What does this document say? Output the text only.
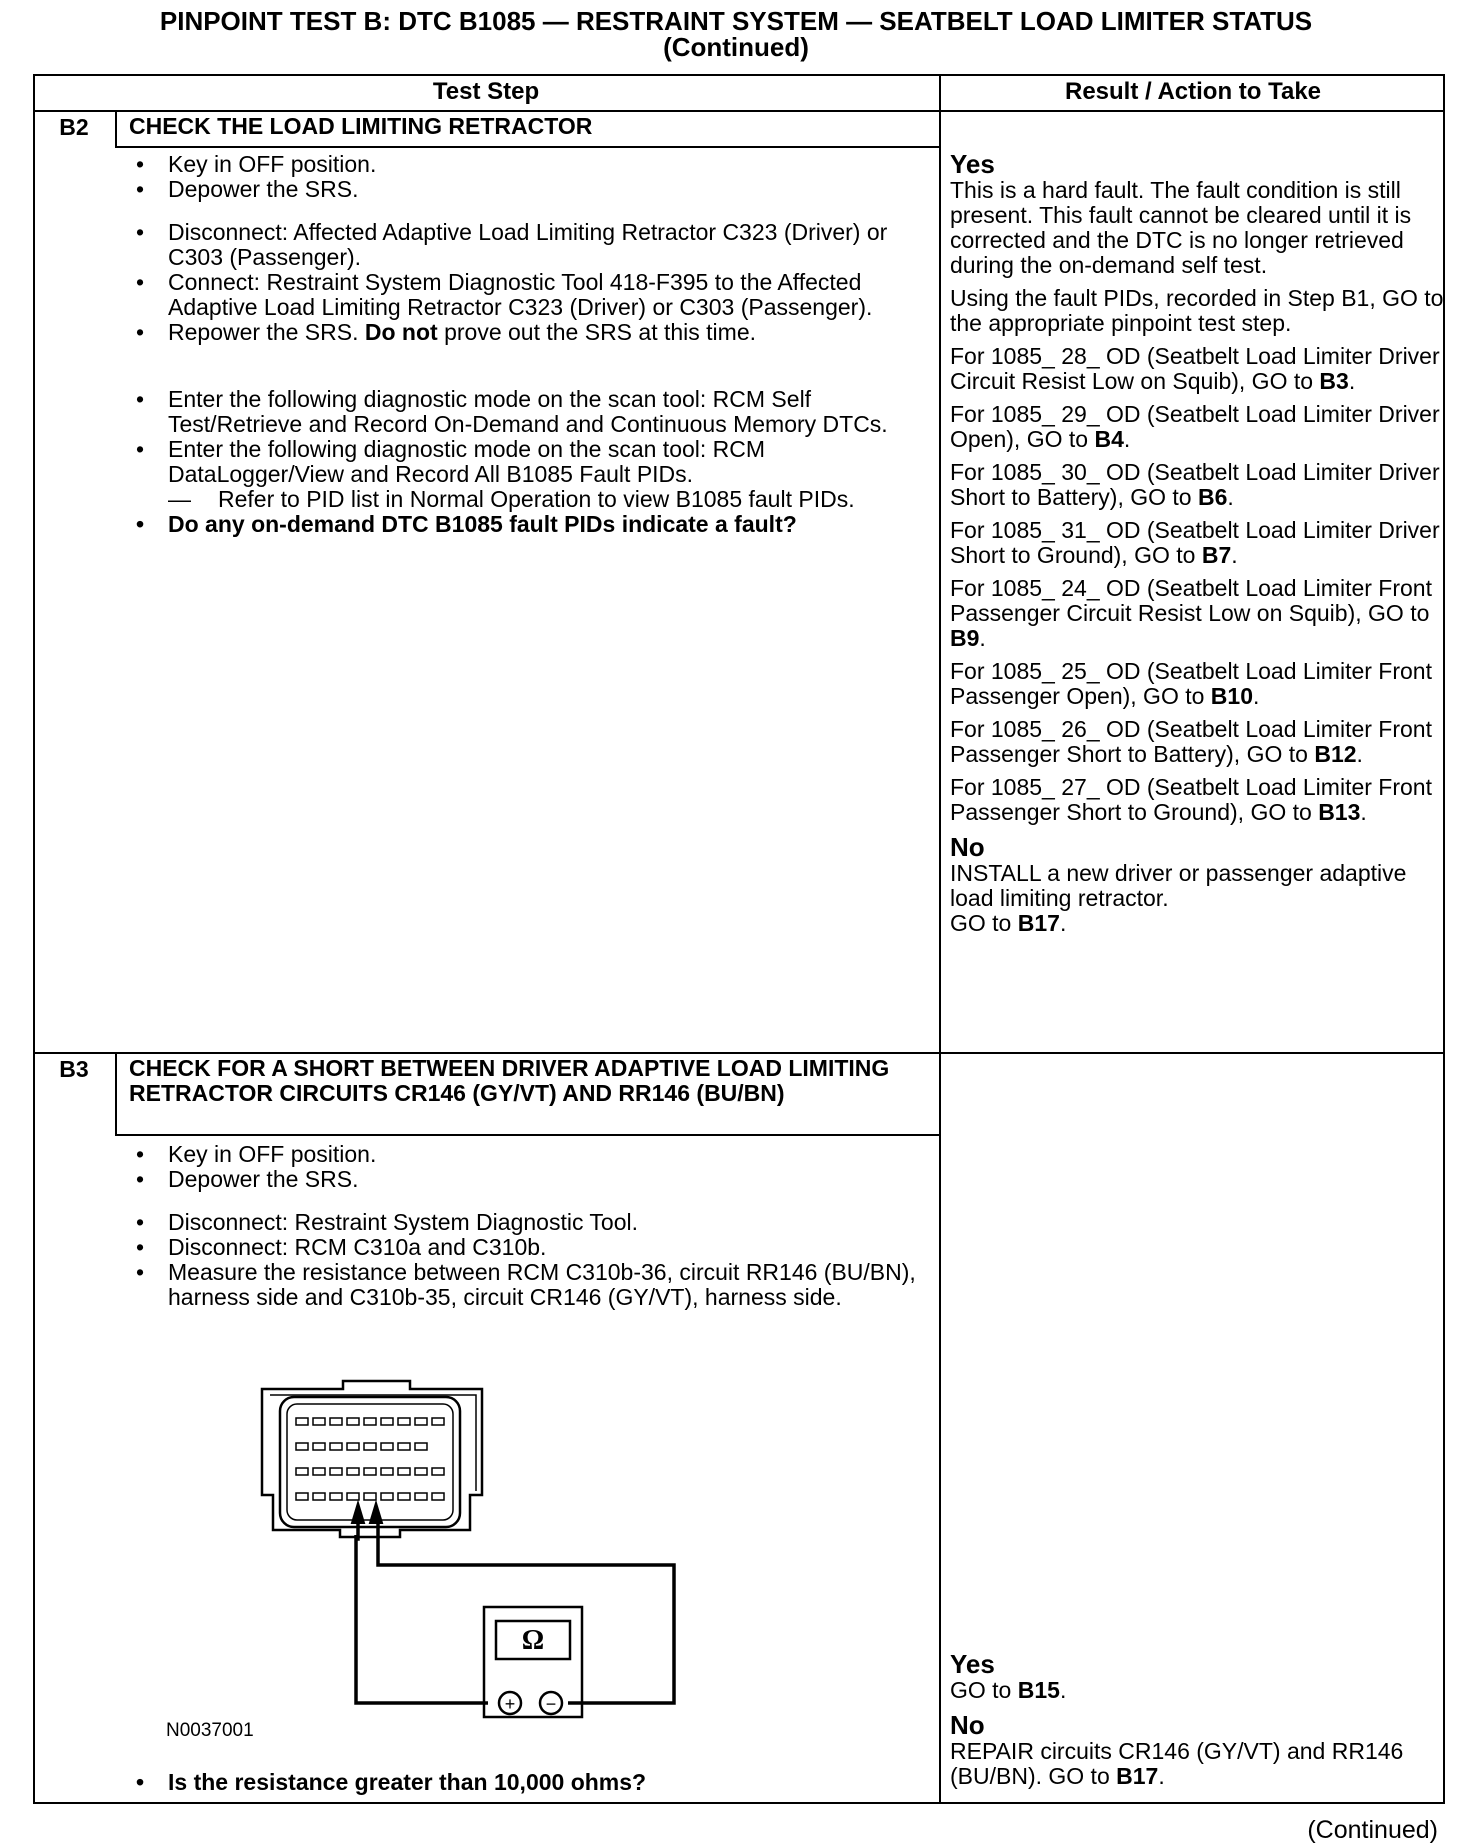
PINPOINT TEST B: DTC B1085 — RESTRAINT SYSTEM — SEATBELT LOAD LIMITER STATUS
(Continued)
Test Step	Result / Action to Take
B2	CHECK THE LOAD LIMITING RETRACTOR
• Key in OFF position.
• Depower the SRS.
• Disconnect: Affected Adaptive Load Limiting Retractor C323 (Driver) or C303 (Passenger).
• Connect: Restraint System Diagnostic Tool 418-F395 to the Affected Adaptive Load Limiting Retractor C323 (Driver) or C303 (Passenger).
• Repower the SRS. Do not prove out the SRS at this time.
• Enter the following diagnostic mode on the scan tool: RCM Self Test/Retrieve and Record On-Demand and Continuous Memory DTCs.
• Enter the following diagnostic mode on the scan tool: RCM DataLogger/View and Record All B1085 Fault PIDs.
— Refer to PID list in Normal Operation to view B1085 fault PIDs.
• Do any on-demand DTC B1085 fault PIDs indicate a fault?

Yes

This is a hard fault. The fault condition is still present. This fault cannot be cleared until it is corrected and the DTC is no longer retrieved during the on-demand self test.

Using the fault PIDs, recorded in Step B1, GO to the appropriate pinpoint test step.

For 1085_ 28_ OD (Seatbelt Load Limiter Driver Circuit Resist Low on Squib), GO to B3.

For 1085_ 29_ OD (Seatbelt Load Limiter Driver Open), GO to B4.

For 1085_ 30_ OD (Seatbelt Load Limiter Driver Short to Battery), GO to B6.

For 1085_ 31_ OD (Seatbelt Load Limiter Driver Short to Ground), GO to B7.

For 1085_ 24_ OD (Seatbelt Load Limiter Front Passenger Circuit Resist Low on Squib), GO to B9.

For 1085_ 25_ OD (Seatbelt Load Limiter Front Passenger Open), GO to B10.

For 1085_ 26_ OD (Seatbelt Load Limiter Front Passenger Short to Battery), GO to B12.

For 1085_ 27_ OD (Seatbelt Load Limiter Front Passenger Short to Ground), GO to B13.

No

INSTALL a new driver or passenger adaptive load limiting retractor.

GO to B17.

B3	CHECK FOR A SHORT BETWEEN DRIVER ADAPTIVE LOAD LIMITING RETRACTOR CIRCUITS CR146 (GY/VT) AND RR146 (BU/BN)
• Key in OFF position.
• Depower the SRS.
• Disconnect: Restraint System Diagnostic Tool.
• Disconnect: RCM C310a and C310b.
• Measure the resistance between RCM C310b-36, circuit RR146 (BU/BN), harness side and C310b-35, circuit CR146 (GY/VT), harness side.
Ω
+ −
N0037001
• Is the resistance greater than 10,000 ohms?

Yes

GO to B15.

No

REPAIR circuits CR146 (GY/VT) and RR146 (BU/BN). GO to B17.

(Continued)
